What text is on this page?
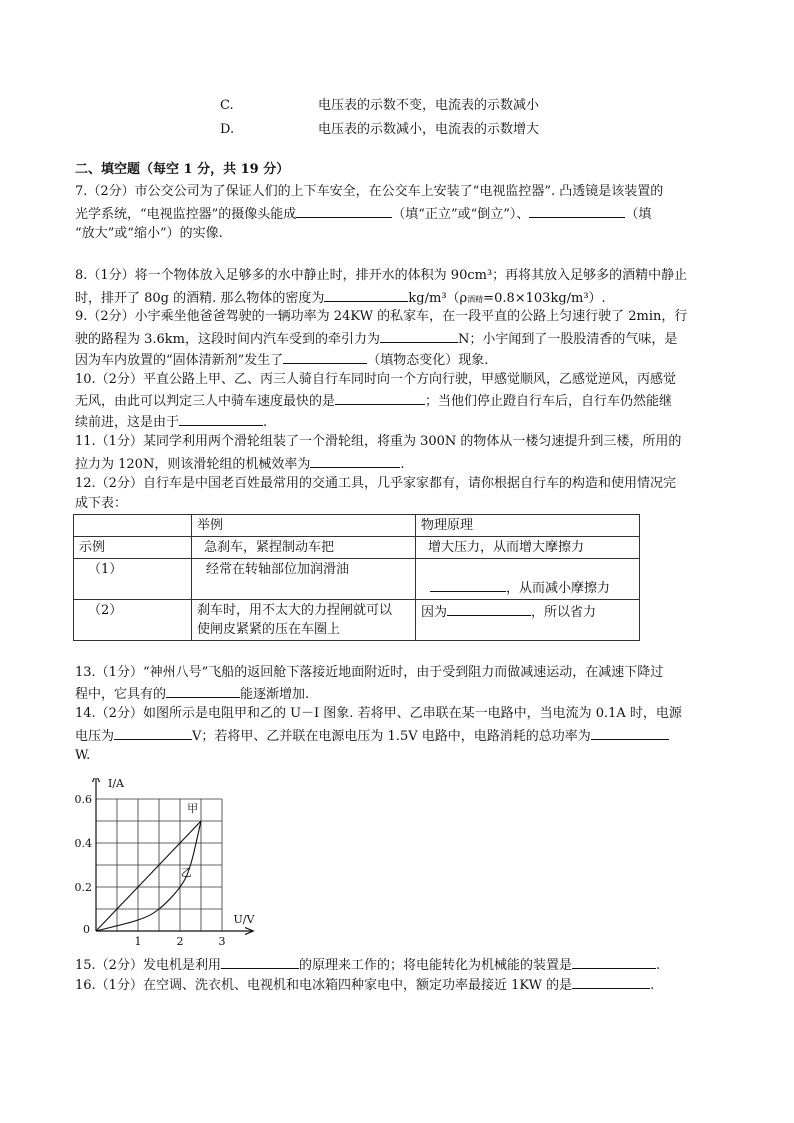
C.	电压表的示数不变，电流表的示数减小
D.	电压表的示数减小，电流表的示数增大
二、填空题（每空 1 分，共 19 分）
7.（2分）市公交公司为了保证人们的上下车安全，在公交车上安装了“电视监控器”. 凸透镜是该装置的
光学系统，“电视监控器”的摄像头能成	（填“正立”或“倒立”）、	（填
“放大”或“缩小”）的实像.
8.（1分）将一个物体放入足够多的水中静止时，排开水的体积为 90cm³；再将其放入足够多的酒精中静止
时，排开了 80g 的酒精. 那么物体的密度为	kg/m³（ρ酒精=0.8×103kg/m³）.
9.（2分）小宇乘坐他爸爸驾驶的一辆功率为 24KW 的私家车，在一段平直的公路上匀速行驶了 2min，行
驶的路程为 3.6km，这段时间内汽车受到的牵引力为	N；小宇闻到了一股股清香的气味，是
因为车内放置的“固体清新剂”发生了	（填物态变化）现象.
10.（2分）平直公路上甲、乙、丙三人骑自行车同时向一个方向行驶，甲感觉顺风，乙感觉逆风，丙感觉
无风，由此可以判定三人中骑车速度最快的是	；当他们停止蹬自行车后，自行车仍然能继
续前进，这是由于	.
11.（1分）某同学利用两个滑轮组装了一个滑轮组，将重为 300N 的物体从一楼匀速提升到三楼，所用的
拉力为 120N，则该滑轮组的机械效率为	.
12.（2分）自行车是中国老百姓最常用的交通工具，几乎家家都有，请你根据自行车的构造和使用情况完
成下表：
	举例	物理原理
示例	急刹车，紧捏制动车把	增大压力，从而增大摩擦力
（1）	经常在转轴部位加润滑油	，从而减小摩擦力
（2）	刹车时，用不太大的力捏闸就可以
使闸皮紧紧的压在车圈上	因为 ，所以省力
13.（1分）“神州八号”飞船的返回舱下落接近地面附近时，由于受到阻力而做减速运动，在减速下降过
程中，它具有的	能逐渐增加.
14.（2分）如图所示是电阻甲和乙的 U－I 图象. 若将甲、乙串联在某一电路中，当电流为 0.1A 时，电源
电压为	V；若将甲、乙并联在电源电压为 1.5V 电路中，电路消耗的总功率为
W.
1	2	3
0.2
0.4
0.6
0
U/V
I/A
甲
乙
15.（2分）发电机是利用	的原理来工作的；将电能转化为机械能的装置是	.
16.（1分）在空调、洗衣机、电视机和电冰箱四种家电中，额定功率最接近 1KW 的是	.
